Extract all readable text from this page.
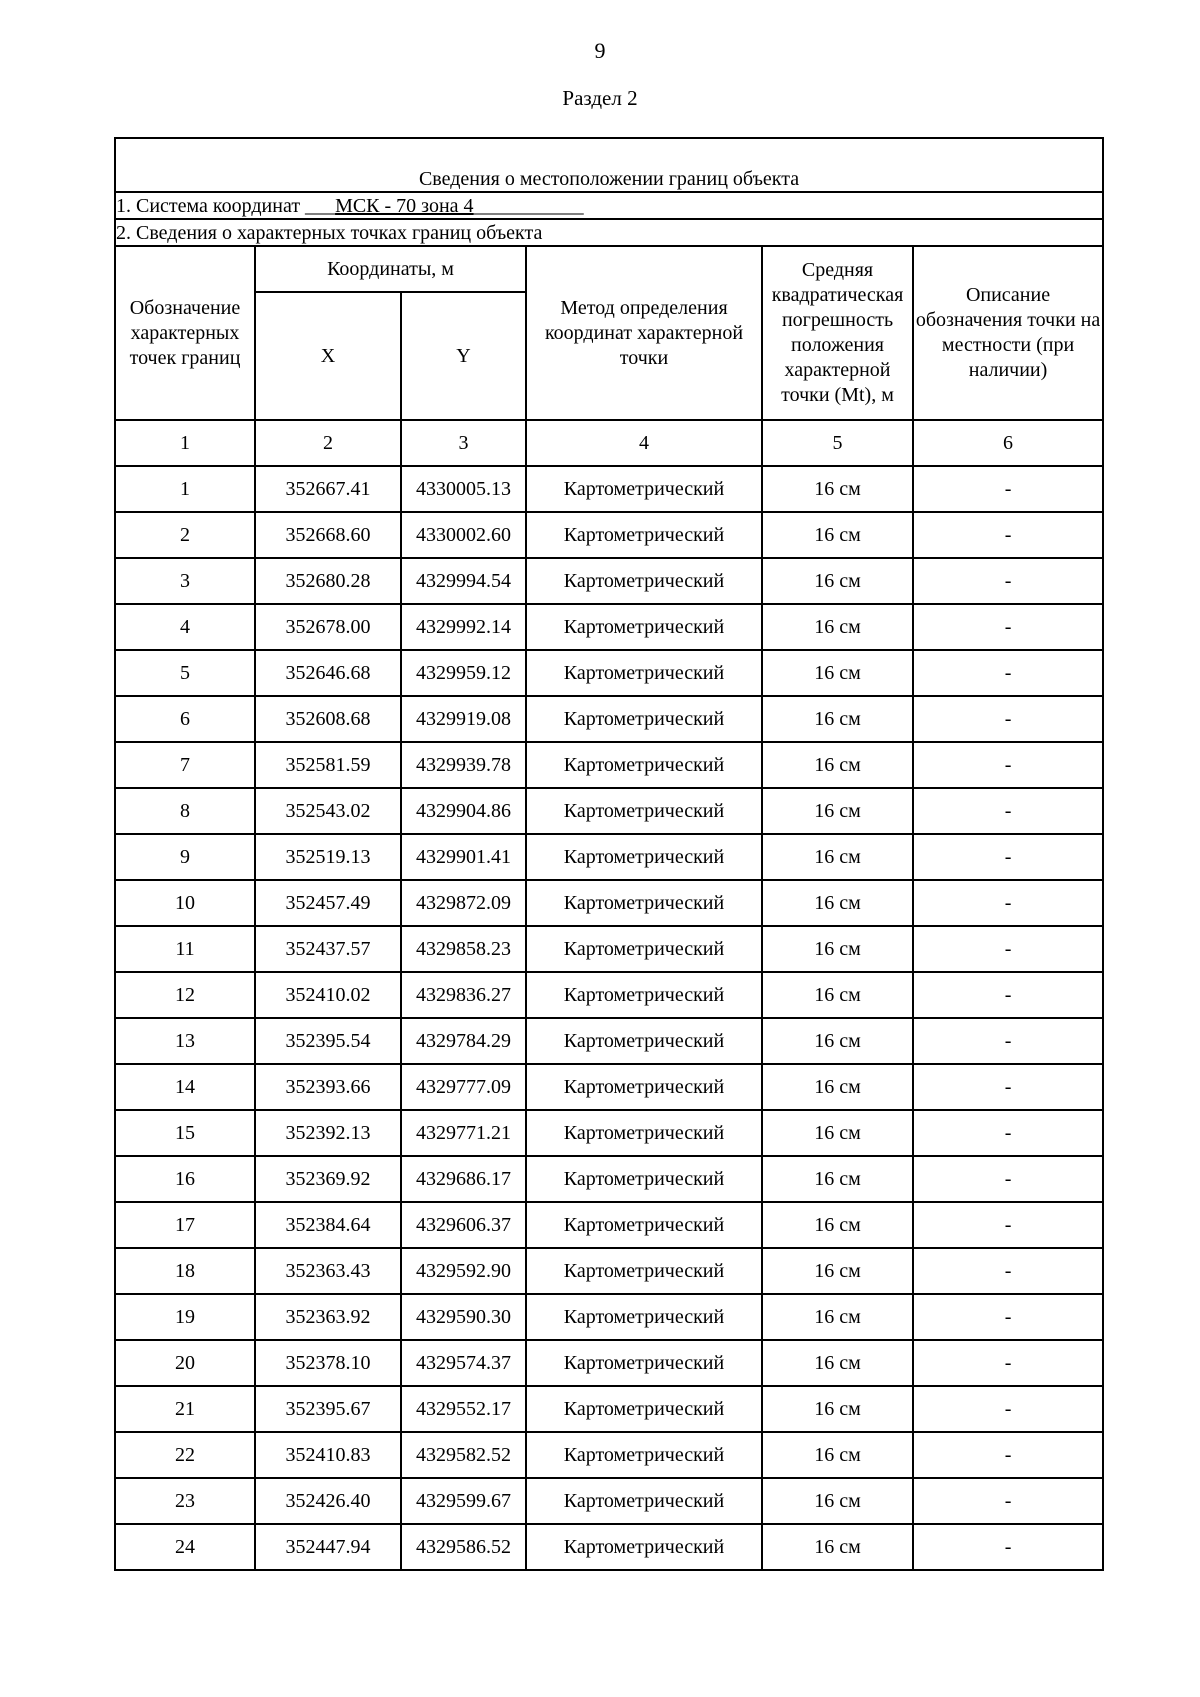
9
Раздел 2
Сведения о местоположении границ объекта					
1. Система координат ___МСК - 70 зона 4___________					
2. Сведения о характерных точках границ объекта					
Обозначение характерных точек границ	Координаты, м		Метод определения координат характерной точки	Средняя квадратическая погрешность положения характерной точки (Mt), м	Описание обозначения точки на местности (при наличии)
	X	Y			
1	2	3	4	5	6
1	352667.41	4330005.13	Картометрический	16 см	-
2	352668.60	4330002.60	Картометрический	16 см	-
3	352680.28	4329994.54	Картометрический	16 см	-
4	352678.00	4329992.14	Картометрический	16 см	-
5	352646.68	4329959.12	Картометрический	16 см	-
6	352608.68	4329919.08	Картометрический	16 см	-
7	352581.59	4329939.78	Картометрический	16 см	-
8	352543.02	4329904.86	Картометрический	16 см	-
9	352519.13	4329901.41	Картометрический	16 см	-
10	352457.49	4329872.09	Картометрический	16 см	-
11	352437.57	4329858.23	Картометрический	16 см	-
12	352410.02	4329836.27	Картометрический	16 см	-
13	352395.54	4329784.29	Картометрический	16 см	-
14	352393.66	4329777.09	Картометрический	16 см	-
15	352392.13	4329771.21	Картометрический	16 см	-
16	352369.92	4329686.17	Картометрический	16 см	-
17	352384.64	4329606.37	Картометрический	16 см	-
18	352363.43	4329592.90	Картометрический	16 см	-
19	352363.92	4329590.30	Картометрический	16 см	-
20	352378.10	4329574.37	Картометрический	16 см	-
21	352395.67	4329552.17	Картометрический	16 см	-
22	352410.83	4329582.52	Картометрический	16 см	-
23	352426.40	4329599.67	Картометрический	16 см	-
24	352447.94	4329586.52	Картометрический	16 см	-
